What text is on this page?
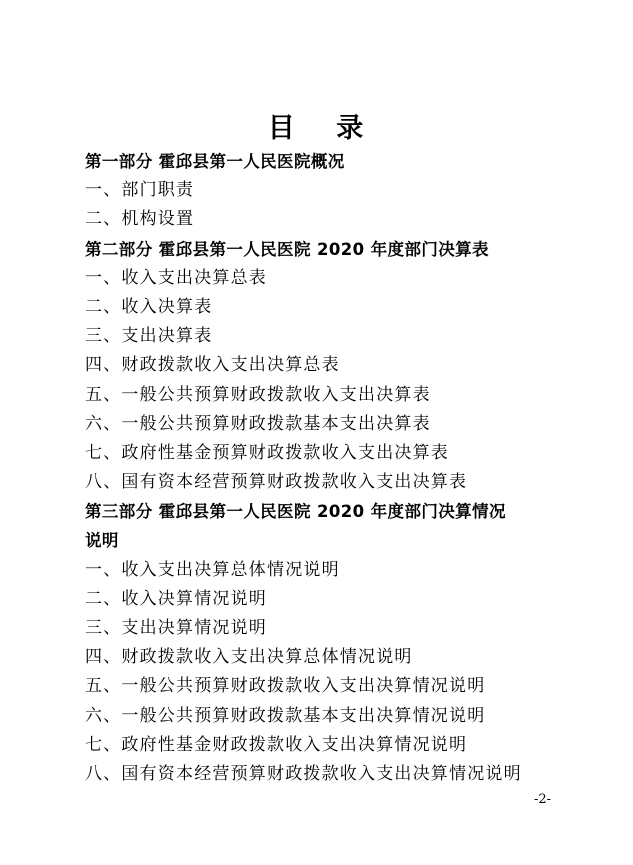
目 录
第一部分 霍邱县第一人民医院概况
一、部门职责
二、机构设置
第二部分 霍邱县第一人民医院 2020 年度部门决算表
一、收入支出决算总表
二、收入决算表
三、支出决算表
四、财政拨款收入支出决算总表
五、一般公共预算财政拨款收入支出决算表
六、一般公共预算财政拨款基本支出决算表
七、政府性基金预算财政拨款收入支出决算表
八、国有资本经营预算财政拨款收入支出决算表
第三部分 霍邱县第一人民医院 2020 年度部门决算情况
说明
一、收入支出决算总体情况说明
二、收入决算情况说明
三、支出决算情况说明
四、财政拨款收入支出决算总体情况说明
五、一般公共预算财政拨款收入支出决算情况说明
六、一般公共预算财政拨款基本支出决算情况说明
七、政府性基金财政拨款收入支出决算情况说明
八、国有资本经营预算财政拨款收入支出决算情况说明
-2-
